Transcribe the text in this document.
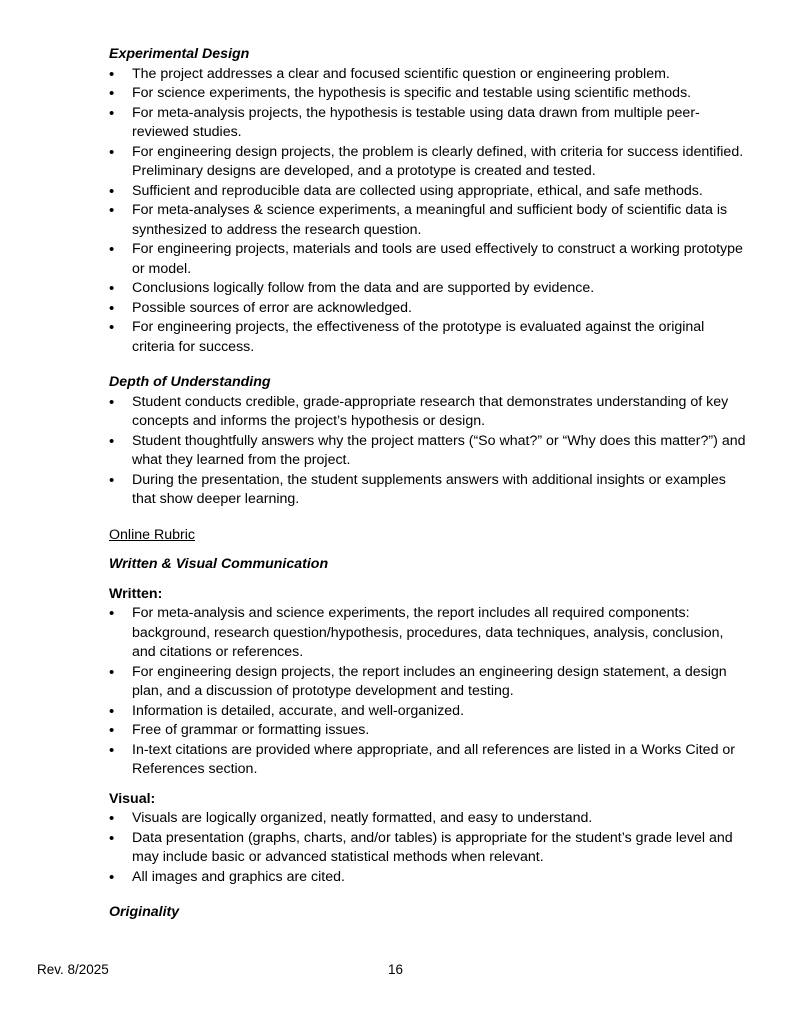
Experimental Design

• The project addresses a clear and focused scientific question or engineering problem.
• For science experiments, the hypothesis is specific and testable using scientific methods.
• For meta-analysis projects, the hypothesis is testable using data drawn from multiple peer-reviewed studies.
• For engineering design projects, the problem is clearly defined, with criteria for success identified. Preliminary designs are developed, and a prototype is created and tested.
• Sufficient and reproducible data are collected using appropriate, ethical, and safe methods.
• For meta-analyses & science experiments, a meaningful and sufficient body of scientific data is synthesized to address the research question.
• For engineering projects, materials and tools are used effectively to construct a working prototype or model.
• Conclusions logically follow from the data and are supported by evidence.
• Possible sources of error are acknowledged.
• For engineering projects, the effectiveness of the prototype is evaluated against the original criteria for success.

Depth of Understanding

• Student conducts credible, grade-appropriate research that demonstrates understanding of key concepts and informs the project’s hypothesis or design.
• Student thoughtfully answers why the project matters (“So what?” or “Why does this matter?”) and what they learned from the project.
• During the presentation, the student supplements answers with additional insights or examples that show deeper learning.

Online Rubric

Written & Visual Communication

Written:

• For meta-analysis and science experiments, the report includes all required components: background, research question/hypothesis, procedures, data techniques, analysis, conclusion, and citations or references.
• For engineering design projects, the report includes an engineering design statement, a design plan, and a discussion of prototype development and testing.
• Information is detailed, accurate, and well-organized.
• Free of grammar or formatting issues.
• In-text citations are provided where appropriate, and all references are listed in a Works Cited or References section.

Visual:

• Visuals are logically organized, neatly formatted, and easy to understand.
• Data presentation (graphs, charts, and/or tables) is appropriate for the student’s grade level and may include basic or advanced statistical methods when relevant.
• All images and graphics are cited.

Originality

Rev. 8/2025	16
